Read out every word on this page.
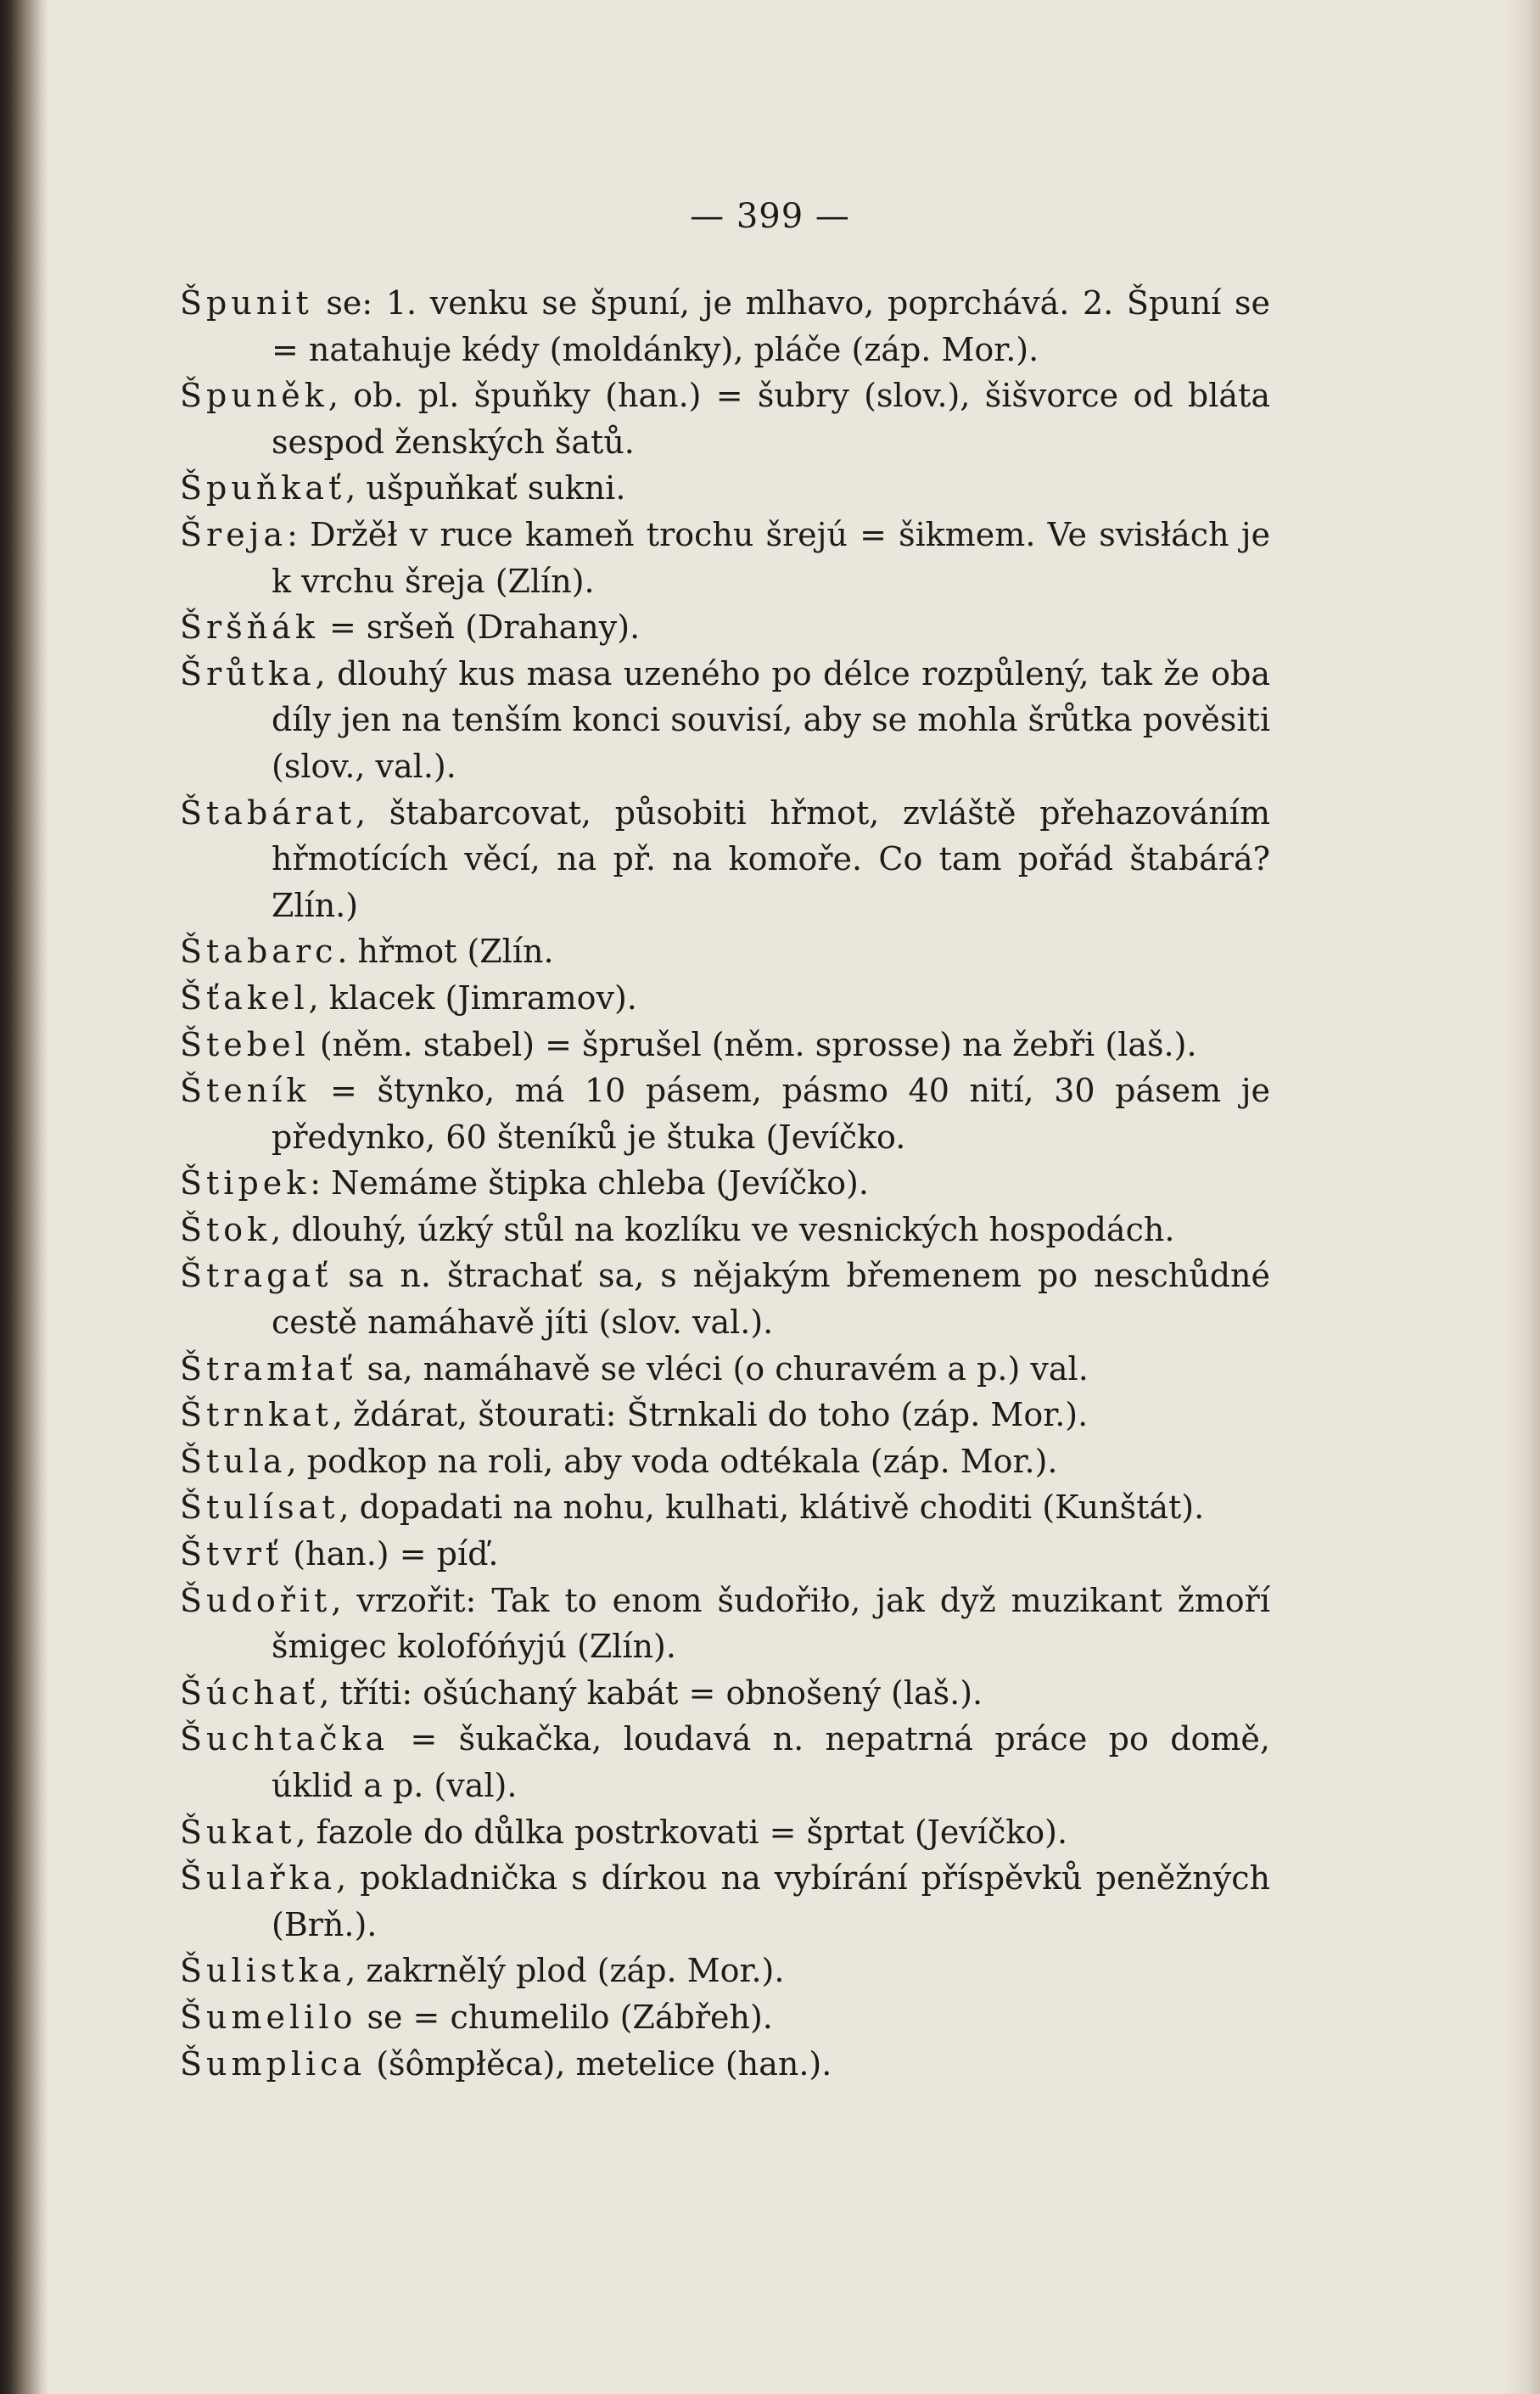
— 399 —

Špunit se: 1. venku se špuní, je mlhavo, poprchává. 2. Špuní se = natahuje kédy (moldánky), pláče (záp. Mor.).

Špuněk, ob. pl. špuňky (han.) = šubry (slov.), šišvorce od bláta sespod ženských šatů.

Špuňkať, ušpuňkať sukni.

Šreja: Držěł v ruce kameň trochu šrejú = šikmem. Ve svisłách je k vrchu šreja (Zlín).

Šršňák = sršeň (Drahany).

Šrůtka, dlouhý kus masa uzeného po délce rozpůlený, tak že oba díly jen na tenším konci souvisí, aby se mohla šrůtka pověsiti (slov., val.).

Štabárat, štabarcovat, působiti hřmot, zvláště přehazováním hřmotících věcí, na př. na komoře. Co tam pořád štabárá? Zlín.)

Štabarc. hřmot (Zlín.

Šťakel, klacek (Jimramov).

Štebel (něm. stabel) = šprušel (něm. sprosse) na žebři (laš.).

Šteník = štynko, má 10 pásem, pásmo 40 nití, 30 pásem je předynko, 60 šteníků je štuka (Jevíčko.

Štipek: Nemáme štipka chleba (Jevíčko).

Štok, dlouhý, úzký stůl na kozlíku ve vesnických hospodách.

Štragať sa n. štrachať sa, s nějakým břemenem po neschůdné cestě namáhavě jíti (slov. val.).

Štramłať sa, namáhavě se vléci (o churavém a p.) val.

Štrnkat, ždárat, štourati: Štrnkali do toho (záp. Mor.).

Štula, podkop na roli, aby voda odtékala (záp. Mor.).

Štulísat, dopadati na nohu, kulhati, klátivě choditi (Kunštát).

Štvrť (han.) = píď.

Šudořit, vrzořit: Tak to enom šudořiło, jak dyž muzikant žmoří šmigec kolofóńyjú (Zlín).

Šúchať, tříti: ošúchaný kabát = obnošený (laš.).

Šuchtačka = šukačka, loudavá n. nepatrná práce po domě, úklid a p. (val).

Šukat, fazole do důlka postrkovati = šprtat (Jevíčko).

Šulařka, pokladnička s dírkou na vybírání příspěvků peněžných (Brň.).

Šulistka, zakrnělý plod (záp. Mor.).

Šumelilo se = chumelilo (Zábřeh).

Šumplica (šômpłěca), metelice (han.).
